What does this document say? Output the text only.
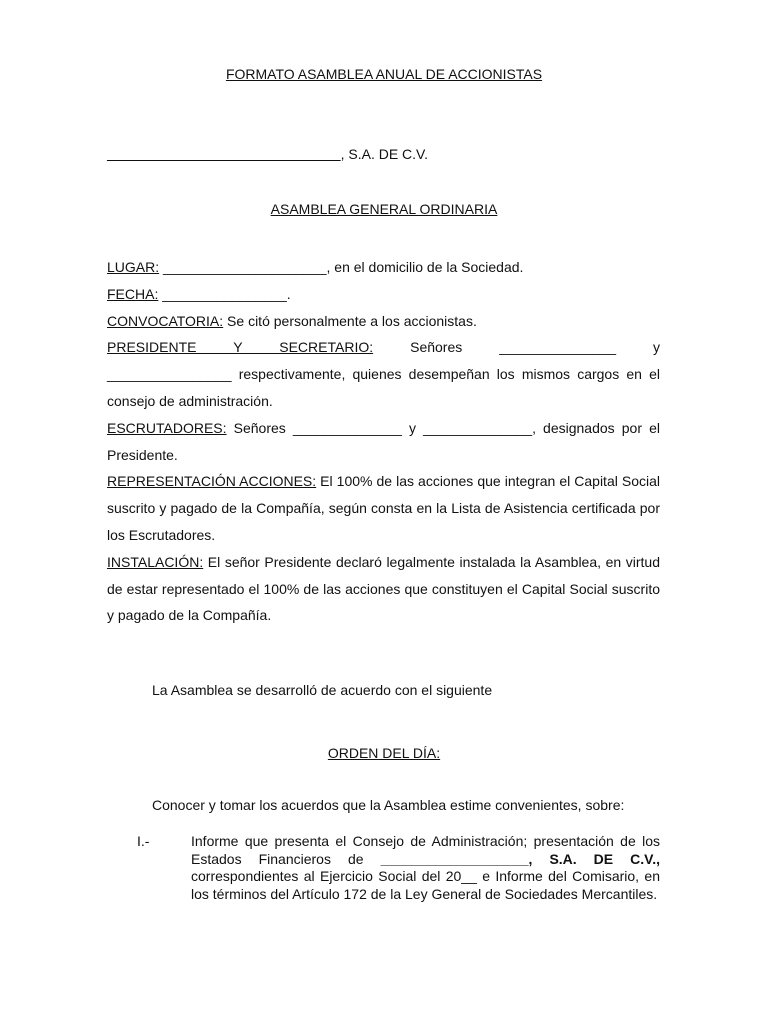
FORMATO ASAMBLEA ANUAL DE ACCIONISTAS
______________________________, S.A. DE C.V.
ASAMBLEA GENERAL ORDINARIA

LUGAR: _____________________, en el domicilio de la Sociedad.

FECHA: ________________.

CONVOCATORIA: Se citó personalmente a los accionistas.

PRESIDENTE Y SECRETARIO: Señores _______________ y

________________ respectivamente, quienes desempeñan los mismos cargos en el consejo de administración.

ESCRUTADORES: Señores ______________ y ______________, designados por el Presidente.

REPRESENTACIÓN ACCIONES: El 100% de las acciones que integran el Capital Social suscrito y pagado de la Compañía, según consta en la Lista de Asistencia certificada por los Escrutadores.

INSTALACIÓN: El señor Presidente declaró legalmente instalada la Asamblea, en virtud de estar representado el 100% de las acciones que constituyen el Capital Social suscrito y pagado de la Compañía.

La Asamblea se desarrolló de acuerdo con el siguiente
ORDEN DEL DÍA:
Conocer y tomar los acuerdos que la Asamblea estime convenientes, sobre:
I.-	Informe que presenta el Consejo de Administración; presentación de los Estados Financieros de ___________________, S.A. DE C.V., correspondientes al Ejercicio Social del 20__ e Informe del Comisario, en los términos del Artículo 172 de la Ley General de Sociedades Mercantiles.
